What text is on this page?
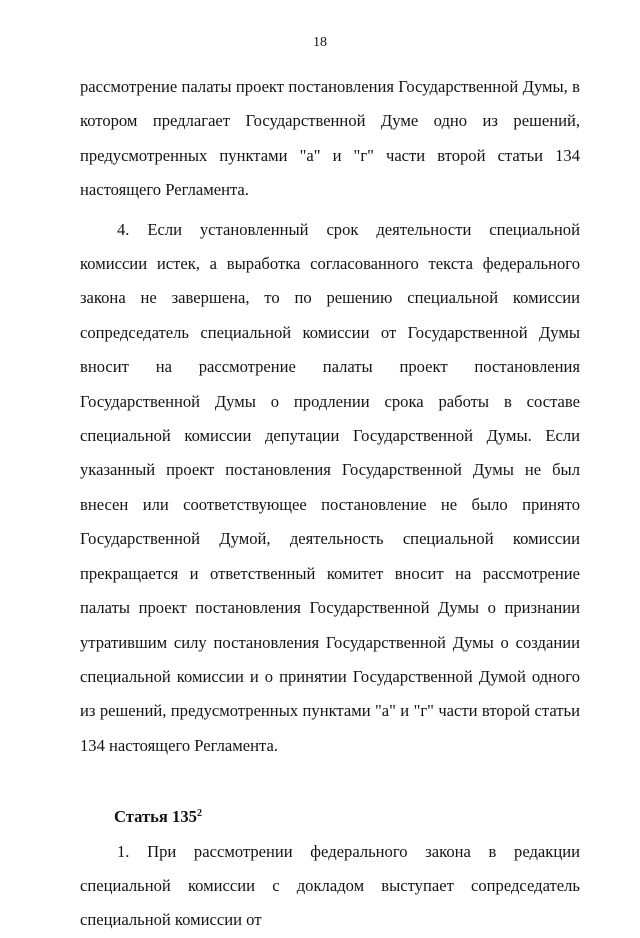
18

рассмотрение палаты проект постановления Государственной Думы, в котором предлагает Государственной Думе одно из решений, предусмотренных пунктами "а" и "г" части второй статьи 134 настоящего Регламента.

4. Если установленный срок деятельности специальной комиссии истек, а выработка согласованного текста федерального закона не завершена, то по решению специальной комиссии сопредседатель специальной комиссии от Государственной Думы вносит на рассмотрение палаты проект постановления Государственной Думы о продлении срока работы в составе специальной комиссии депутации Государственной Думы. Если указанный проект постановления Государственной Думы не был внесен или соответствующее постановление не было принято Государственной Думой, деятельность специальной комиссии прекращается и ответственный комитет вносит на рассмотрение палаты проект постановления Государственной Думы о признании утратившим силу постановления Государственной Думы о создании специальной комиссии и о принятии Государственной Думой одного из решений, предусмотренных пунктами "а" и "г" части второй статьи 134 настоящего Регламента.

Статья $135^2$

1. При рассмотрении федерального закона в редакции специальной комиссии с докладом выступает сопредседатель специальной комиссии от
